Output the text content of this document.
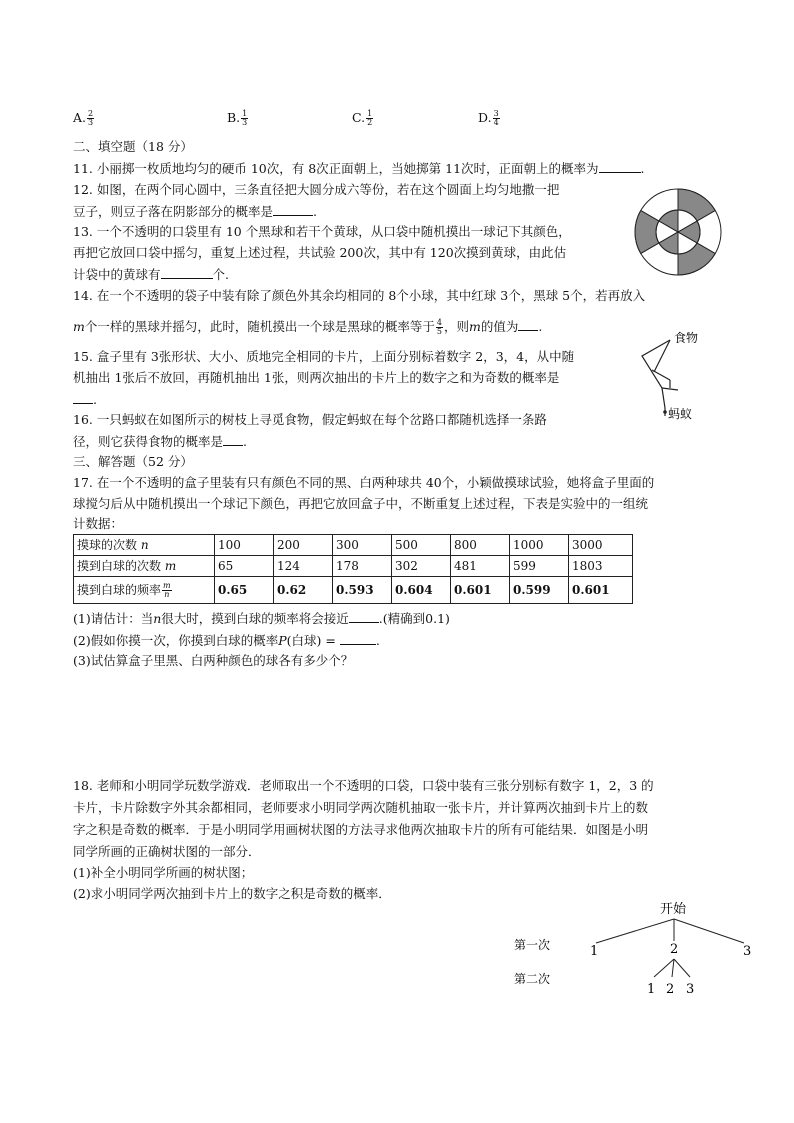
A. $\frac{2}{3}$	B. $\frac{1}{3}$	C. $\frac{1}{2}$	D. $\frac{3}{4}$
二、填空题（18 分）
11. 小丽掷一枚质地均匀的硬币 10次，有 8次正面朝上，当她掷第 11次时，正面朝上的概率为	.
12. 如图，在两个同心圆中，三条直径把大圆分成六等份，若在这个圆面上均匀地撒一把
豆子，则豆子落在阴影部分的概率是	.
13. 一个不透明的口袋里有 10 个黑球和若干个黄球，从口袋中随机摸出一球记下其颜色，
再把它放回口袋中摇匀，重复上述过程，共试验 200次，其中有 120次摸到黄球，由此估
计袋中的黄球有	个.
14. 在一个不透明的袋子中装有除了颜色外其余均相同的 8个小球，其中红球 3个，黑球 5个，若再放入
m个一样的黑球并摇匀，此时，随机摸出一个球是黑球的概率等于 $\frac{4}{5}$ ，则m的值为 .
15. 盒子里有 3张形状、大小、质地完全相同的卡片，上面分别标着数字 2，3，4，从中随
机抽出 1张后不放回，再随机抽出 1张，则两次抽出的卡片上的数字之和为奇数的概率是
.
食物
蚂蚁
16. 一只蚂蚁在如图所示的树枝上寻觅食物，假定蚂蚁在每个岔路口都随机选择一条路
径，则它获得食物的概率是 .
三、解答题（52 分）
17. 在一个不透明的盒子里装有只有颜色不同的黑、白两种球共 40个，小颖做摸球试验，她将盒子里面的
球搅匀后从中随机摸出一个球记下颜色，再把它放回盒子中，不断重复上述过程，下表是实验中的一组统
计数据：
摸球的次数 n	100	200	300	500	800	1000	3000
摸到白球的次数 m	65	124	178	302	481	599	1803
摸到白球的频率 $\frac{m}{n}$	0.65	0.62	0.593	0.604	0.601	0.599	0.601
(1)请估计：当n很大时，摸到白球的频率将会接近 .(精确到0.1)
(2)假如你摸一次，你摸到白球的概率P(白球) =	.
(3)试估算盒子里黑、白两种颜色的球各有多少个？
18. 老师和小明同学玩数学游戏．老师取出一个不透明的口袋，口袋中装有三张分别标有数字 1，2，3 的
卡片，卡片除数字外其余都相同，老师要求小明同学两次随机抽取一张卡片，并计算两次抽到卡片上的数
字之积是奇数的概率．于是小明同学用画树状图的方法寻求他两次抽取卡片的所有可能结果．如图是小明
同学所画的正确树状图的一部分．
(1)补全小明同学所画的树状图；
(2)求小明同学两次抽到卡片上的数字之积是奇数的概率．
开始
第一次	1	2	3
第二次
1 2 3
